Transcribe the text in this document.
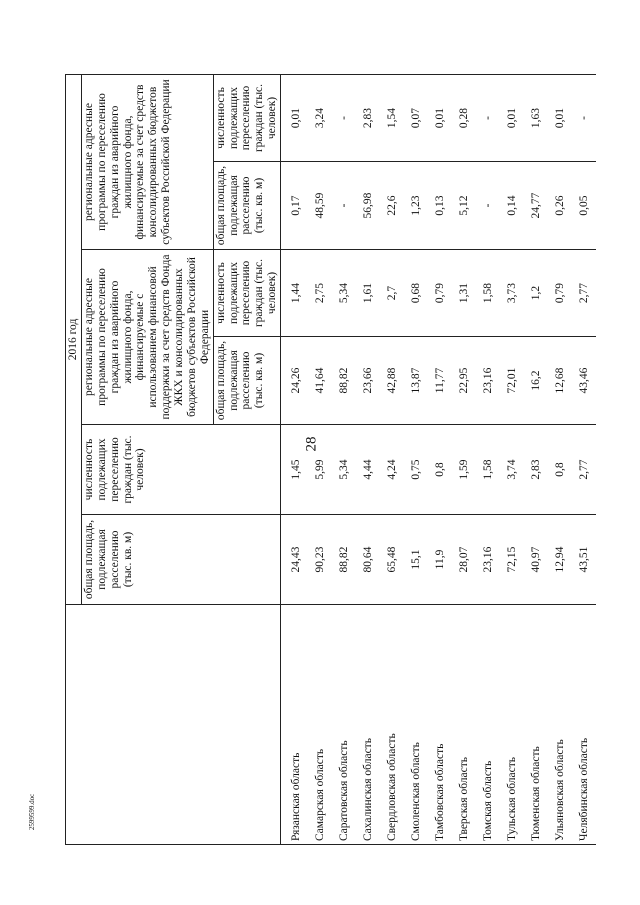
28
2599599.doc
	2016 год					
	общая площадь, подлежащая расселению (тыс. кв. м)	численность подлежащих переселению граждан (тыс. человек)	региональные адресные программы по переселению граждан из аварийного жилищного фонда, финансируемые с использованием финансовой поддержки за счет средств Фонда ЖКХ и консолидированных бюджетов субъектов Российской Федерации		региональные адресные программы по переселению граждан из аварийного жилищного фонда, финансируемые за счет средств консолидированных бюджетов субъектов Российской Федерации	
			общая площадь, подлежащая расселению (тыс. кв. м)	численность подлежащих переселению граждан (тыс. человек)	общая площадь, подлежащая расселению (тыс. кв. м)	численность подлежащих переселению граждан (тыс. человек)
Рязанская область	24,43	1,45	24,26	1,44	0,17	0,01
Самарская область	90,23	5,99	41,64	2,75	48,59	3,24
Саратовская область	88,82	5,34	88,82	5,34	-	-
Сахалинская область	80,64	4,44	23,66	1,61	56,98	2,83
Свердловская область	65,48	4,24	42,88	2,7	22,6	1,54
Смоленская область	15,1	0,75	13,87	0,68	1,23	0,07
Тамбовская область	11,9	0,8	11,77	0,79	0,13	0,01
Тверская область	28,07	1,59	22,95	1,31	5,12	0,28
Томская область	23,16	1,58	23,16	1,58	-	-
Тульская область	72,15	3,74	72,01	3,73	0,14	0,01
Тюменская область	40,97	2,83	16,2	1,2	24,77	1,63
Ульяновская область	12,94	0,8	12,68	0,79	0,26	0,01
Челябинская область	43,51	2,77	43,46	2,77	0,05	-
